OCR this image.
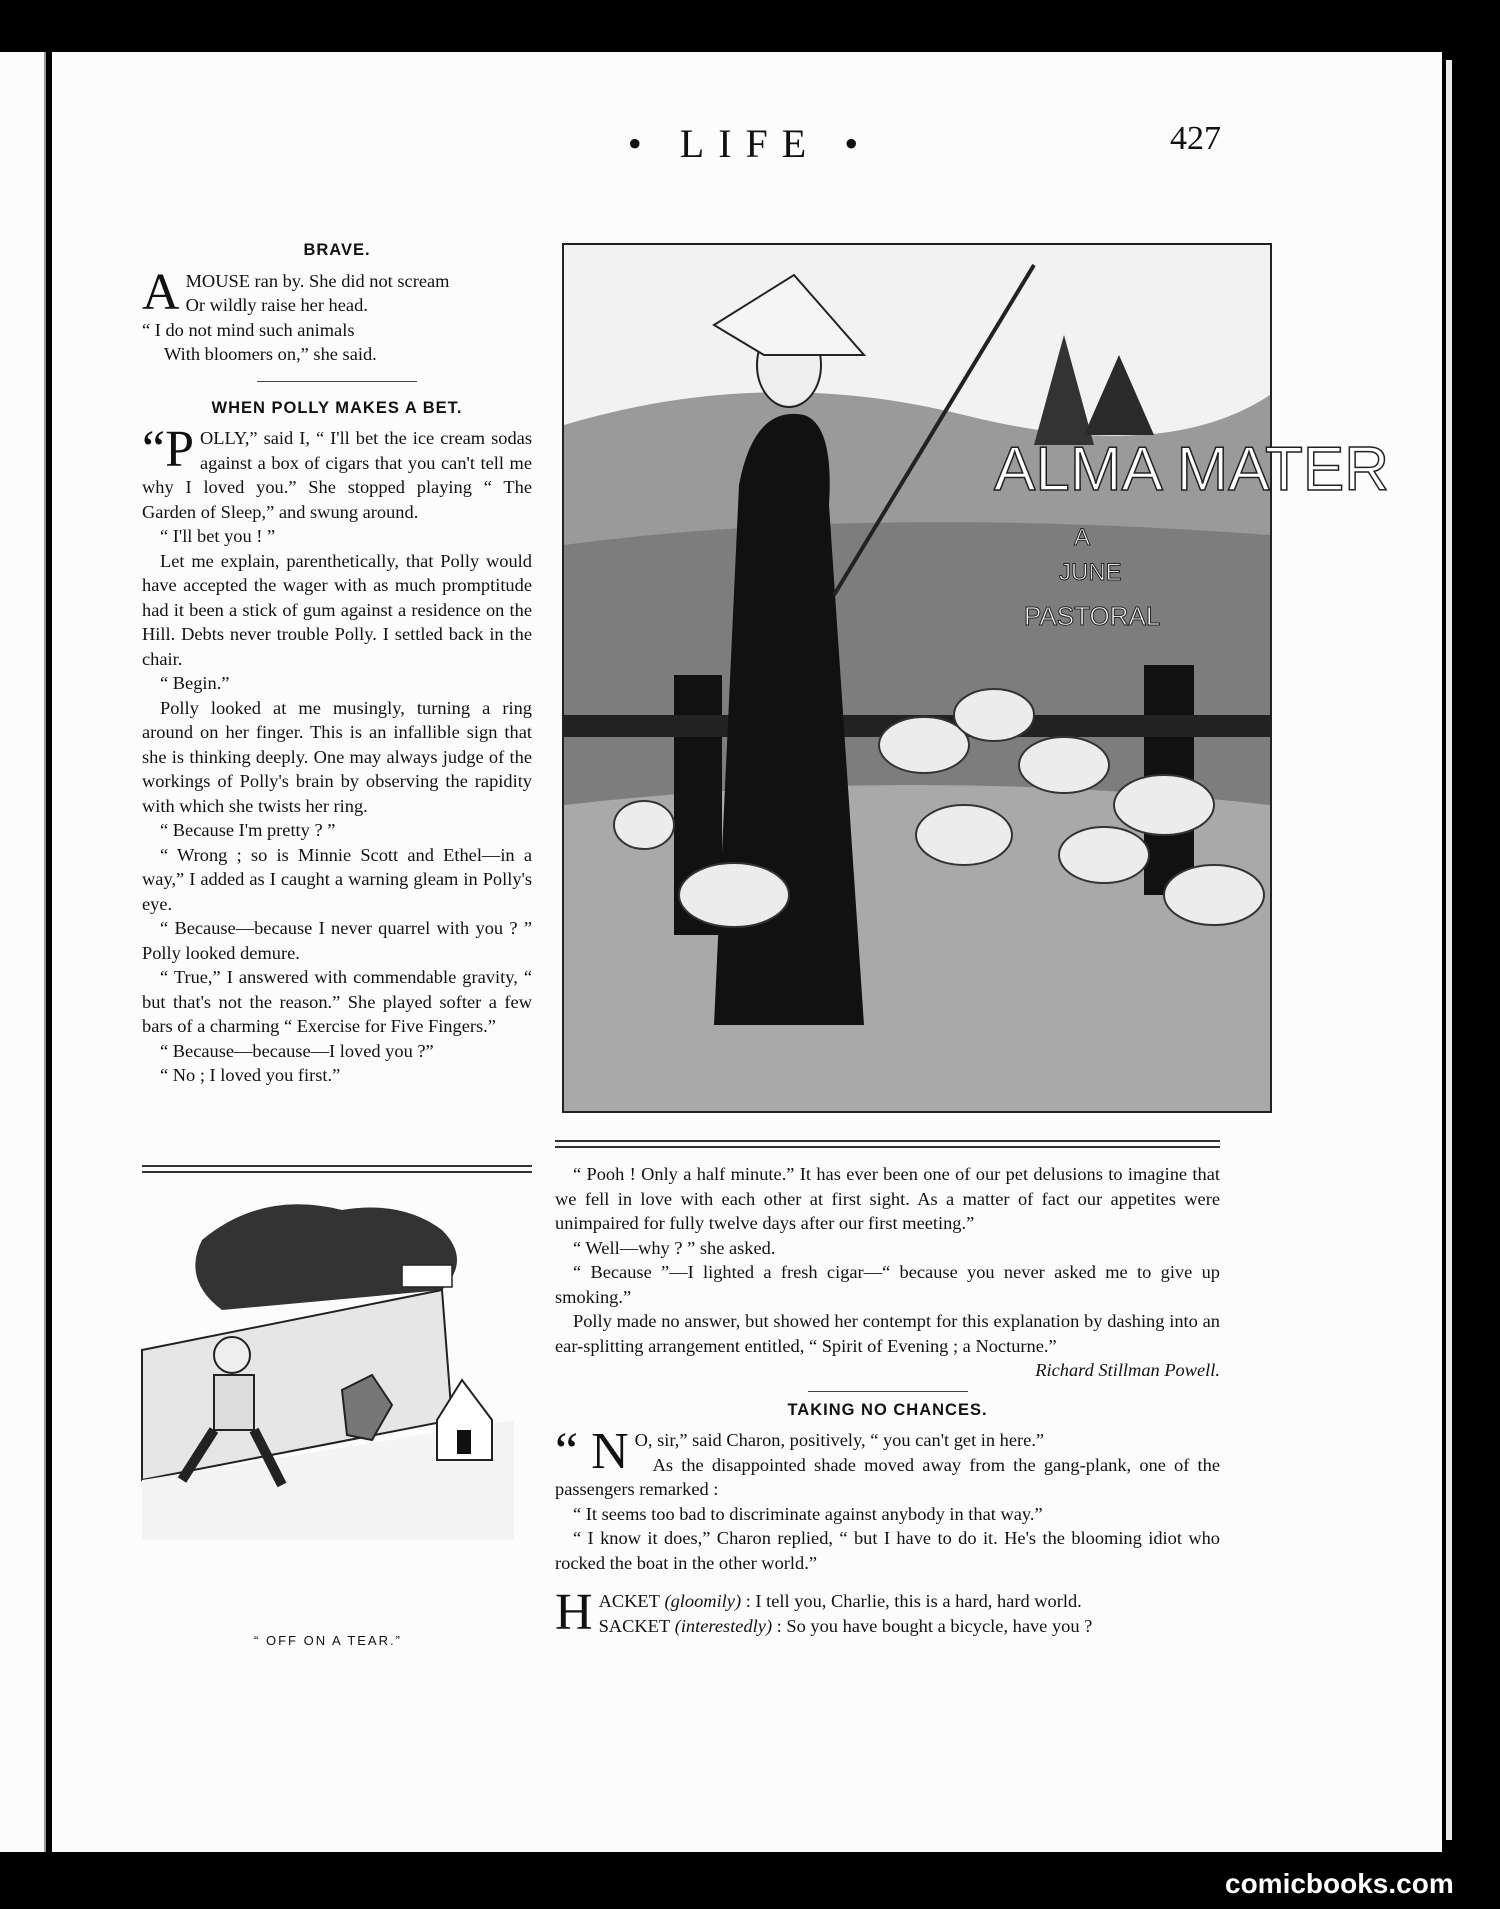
• LIFE •	427
BRAVE.
A MOUSE ran by. She did not scream
Or wildly raise her head.
“ I do not mind such animals
With bloomers on,” she said.
WHEN POLLY MAKES A BET.

“POLLY,” said I, “ I'll bet the ice cream sodas against a box of cigars that you can't tell me why I loved you.” She stopped playing “ The Garden of Sleep,” and swung around.

“ I'll bet you ! ”

Let me explain, parenthetically, that Polly would have accepted the wager with as much promptitude had it been a stick of gum against a residence on the Hill. Debts never trouble Polly. I settled back in the chair.

“ Begin.”

Polly looked at me musingly, turning a ring around on her finger. This is an infallible sign that she is thinking deeply. One may always judge of the workings of Polly's brain by observing the rapidity with which she twists her ring.

“ Because I'm pretty ? ”

“ Wrong ; so is Minnie Scott and Ethel—in a way,” I added as I caught a warning gleam in Polly's eye.

“ Because—because I never quarrel with you ? ” Polly looked demure.

“ True,” I answered with commendable gravity, “ but that's not the reason.” She played softer a few bars of a charming “ Exercise for Five Fingers.”

“ Because—because—I loved you ?”

“ No ; I loved you first.”

ALMA MATER
A
JUNE
PASTORAL
“ OFF ON A TEAR.”

“ Pooh ! Only a half minute.” It has ever been one of our pet delusions to imagine that we fell in love with each other at first sight. As a matter of fact our appetites were unimpaired for fully twelve days after our first meeting.”

“ Well—why ? ” she asked.

“ Because ”—I lighted a fresh cigar—“ because you never asked me to give up smoking.”

Polly made no answer, but showed her contempt for this explanation by dashing into an ear-splitting arrangement entitled, “ Spirit of Evening ; a Nocturne.”

Richard Stillman Powell.

TAKING NO CHANCES.

“ N O, sir,” said Charon, positively, “ you can't get in here.”

As the disappointed shade moved away from the gang-plank, one of the passengers remarked :

“ It seems too bad to discriminate against anybody in that way.”

“ I know it does,” Charon replied, “ but I have to do it. He's the blooming idiot who rocked the boat in the other world.”

H ACKET (gloomily) : I tell you, Charlie, this is a hard, hard world.
SACKET (interestedly) : So you have bought a bicycle, have you ?

comicbooks.com
